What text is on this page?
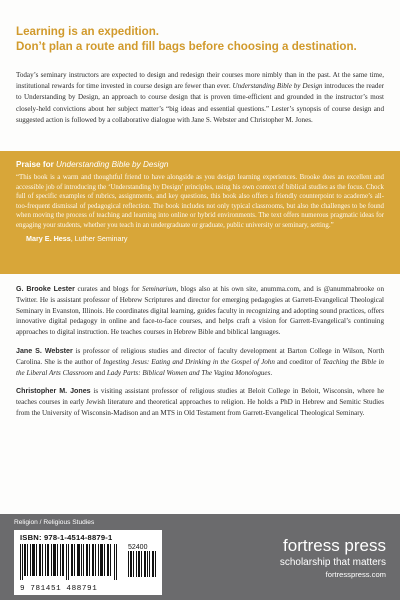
Learning is an expedition.
Don’t plan a route and fill bags before choosing a destination.
Today’s seminary instructors are expected to design and redesign their courses more nimbly than in the past. At the same time, institutional rewards for time invested in course design are fewer than ever. Understanding Bible by Design introduces the reader to Understanding by Design, an approach to course design that is proven time-efficient and grounded in the instructor’s most closely-held convictions about her subject matter’s “big ideas and essential questions.” Lester’s synopsis of course design and suggested action is followed by a collaborative dialogue with Jane S. Webster and Christopher M. Jones.
Praise for Understanding Bible by Design
“This book is a warm and thoughtful friend to have alongside as you design learning experiences. Brooke does an excellent and accessible job of introducing the ‘Understanding by Design’ principles, using his own context of biblical studies as the focus. Chock full of specific examples of rubrics, assignments, and key questions, this book also offers a friendly counterpoint to academe’s all-too-frequent dismissal of pedagogical reflection. The book includes not only typical classrooms, but also the challenges to be found when moving the process of teaching and learning into online or hybrid environments. The text offers numerous pragmatic ideas for engaging your students, whether you teach in an undergraduate or graduate, public university or seminary, setting.”
Mary E. Hess, Luther Seminary

G. Brooke Lester curates and blogs for Seminarium, blogs also at his own site, anumma.com, and is @anummabrooke on Twitter. He is assistant professor of Hebrew Scriptures and director for emerging pedagogies at Garrett-Evangelical Theological Seminary in Evanston, Illinois. He coordinates digital learning, guides faculty in recognizing and adopting sound practices, offers innovative digital pedagogy in online and face-to-face courses, and helps craft a vision for Garrett-Evangelical’s continuing approaches to digital instruction. He teaches courses in Hebrew Bible and biblical languages.

Jane S. Webster is professor of religious studies and director of faculty development at Barton College in Wilson, North Carolina. She is the author of Ingesting Jesus: Eating and Drinking in the Gospel of John and coeditor of Teaching the Bible in the Liberal Arts Classroom and Lady Parts: Biblical Women and The Vagina Monologues.

Christopher M. Jones is visiting assistant professor of religious studies at Beloit College in Beloit, Wisconsin, where he teaches courses in early Jewish literature and theoretical approaches to religion. He holds a PhD in Hebrew and Semitic Studies from the University of Wisconsin-Madison and an MTS in Old Testament from Garrett-Evangelical Theological Seminary.

Religion / Religious Studies
ISBN: 978-1-4514-8879-1
52400
9 781451 488791
fortress press
scholarship that matters
fortresspress.com
